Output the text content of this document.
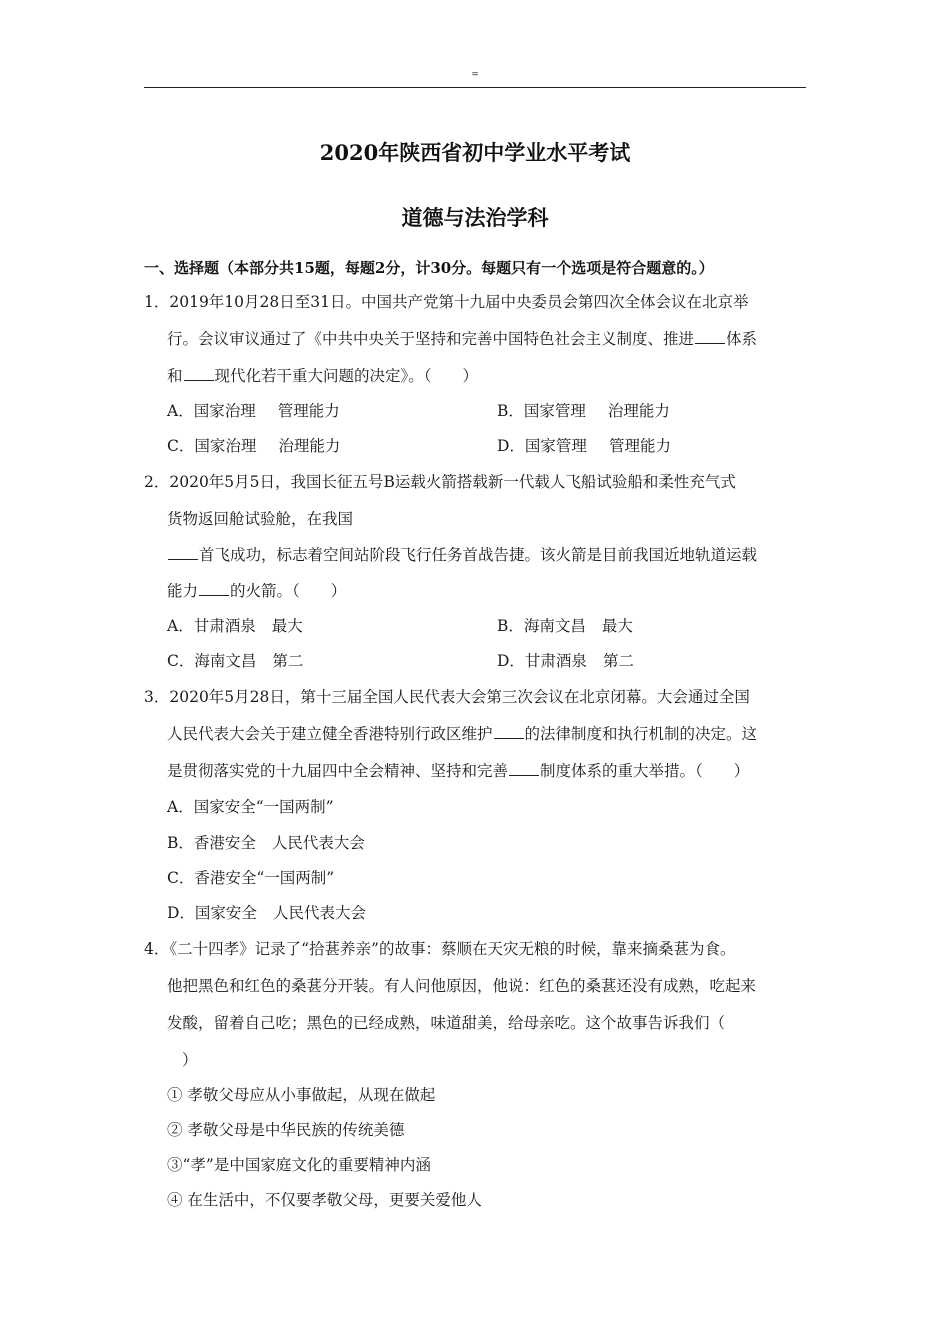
=
2020年陕西省初中学业水平考试
道德与法治学科
一、选择题（本部分共15题，每题2分，计30分。每题只有一个选项是符合题意的。）
1．2019年10月28日至31日。中国共产党第十九届中央委员会第四次全体会议在北京举
行。会议审议通过了《中共中央关于坚持和完善中国特色社会主义制度、推进 体系
和 现代化若干重大问题的决定》。（　　）
A．国家治理 管理能力	B．国家管理 治理能力
C．国家治理 治理能力	D．国家管理 管理能力
2．2020年5月5日，我国长征五号B运载火箭搭载新一代载人飞船试验船和柔性充气式
货物返回舱试验舱，在我国
首飞成功，标志着空间站阶段飞行任务首战告捷。该火箭是目前我国近地轨道运载
能力 的火箭。（　　）
A．甘肃酒泉 最大	B．海南文昌 最大
C．海南文昌 第二	D．甘肃酒泉 第二
3．2020年5月28日，第十三届全国人民代表大会第三次会议在北京闭幕。大会通过全国
人民代表大会关于建立健全香港特别行政区维护 的法律制度和执行机制的决定。这
是贯彻落实党的十九届四中全会精神、坚持和完善 制度体系的重大举措。（　　）
A．国家安全“一国两制”
B．香港安全 人民代表大会
C．香港安全“一国两制”
D．国家安全 人民代表大会
4．《二十四孝》记录了“拾葚养亲”的故事：蔡顺在天灾无粮的时候，靠来摘桑葚为食。
他把黑色和红色的桑葚分开装。有人问他原因，他说：红色的桑葚还没有成熟，吃起来
发酸，留着自己吃；黑色的已经成熟，味道甜美，给母亲吃。这个故事告诉我们（
）
① 孝敬父母应从小事做起，从现在做起
② 孝敬父母是中华民族的传统美德
③“孝”是中国家庭文化的重要精神内涵
④ 在生活中，不仅要孝敬父母，更要关爱他人
